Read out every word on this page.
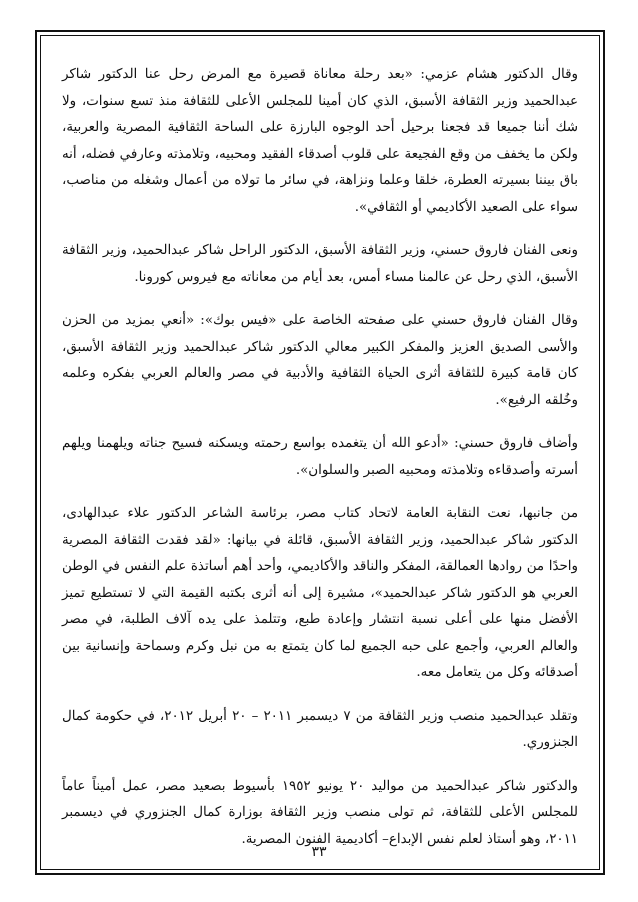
وقال الدكتور هشام عزمي: «بعد رحلة معاناة قصيرة مع المرض رحل عنا الدكتور شاكر عبدالحميد وزير الثقافة الأسبق، الذي كان أمينا للمجلس الأعلى للثقافة منذ تسع سنوات، ولا شك أننا جميعا قد فجعنا برحيل أحد الوجوه البارزة على الساحة الثقافية المصرية والعربية، ولكن ما يخفف من وقع الفجيعة على قلوب أصدقاء الفقيد ومحبيه، وتلامذته وعارفي فضله، أنه باق بيننا بسيرته العطرة، خلقا وعلما ونزاهة، في سائر ما تولاه من أعمال وشغله من مناصب، سواء على الصعيد الأكاديمي أو الثقافي».

ونعى الفنان فاروق حسني، وزير الثقافة الأسبق، الدكتور الراحل شاكر عبدالحميد، وزير الثقافة الأسبق، الذي رحل عن عالمنا مساء أمس، بعد أيام من معاناته مع فيروس كورونا.

وقال الفنان فاروق حسني على صفحته الخاصة على «فيس بوك»: «أنعي بمزيد من الحزن والأسى الصديق العزيز والمفكر الكبير معالي الدكتور شاكر عبدالحميد وزير الثقافة الأسبق، كان قامة كبيرة للثقافة أثرى الحياة الثقافية والأدبية في مصر والعالم العربي بفكره وعلمه وخُلقه الرفيع».

وأضاف فاروق حسني: «أدعو الله أن يتغمده بواسع رحمته ويسكنه فسيح جناته ويلهمنا ويلهم أسرته وأصدقاءه وتلامذته ومحبيه الصبر والسلوان».

من جانبها، نعت النقابة العامة لاتحاد كتاب مصر، برئاسة الشاعر الدكتور علاء عبدالهادى، الدكتور شاكر عبدالحميد، وزير الثقافة الأسبق، قائلة في بيانها: «لقد فقدت الثقافة المصرية واحدًا من روادها العمالقة، المفكر والناقد والأكاديمي، وأحد أهم أساتذة علم النفس في الوطن العربي هو الدكتور شاكر عبدالحميد»، مشيرة إلى أنه أثرى بكتبه القيمة التي لا تستطيع تميز الأفضل منها على أعلى نسبة انتشار وإعادة طبع، وتتلمذ على يده آلاف الطلبة، في مصر والعالم العربي، وأجمع على حبه الجميع لما كان يتمتع به من نبل وكرم وسماحة وإنسانية بين أصدقائه وكل من يتعامل معه.

وتقلد عبدالحميد منصب وزير الثقافة من ٧ ديسمبر ٢٠١١ – ٢٠ أبريل ٢٠١٢، في حكومة كمال الجنزوري.

والدكتور شاكر عبدالحميد من مواليد ٢٠ يونيو ١٩٥٢ بأسيوط بصعيد مصر، عمل أميناً عاماً للمجلس الأعلى للثقافة، ثم تولى منصب وزير الثقافة بوزارة كمال الجنزوري في ديسمبر ٢٠١١، وهو أستاذ لعلم نفس الإبداع– أكاديمية الفنون المصرية.

٣٣
